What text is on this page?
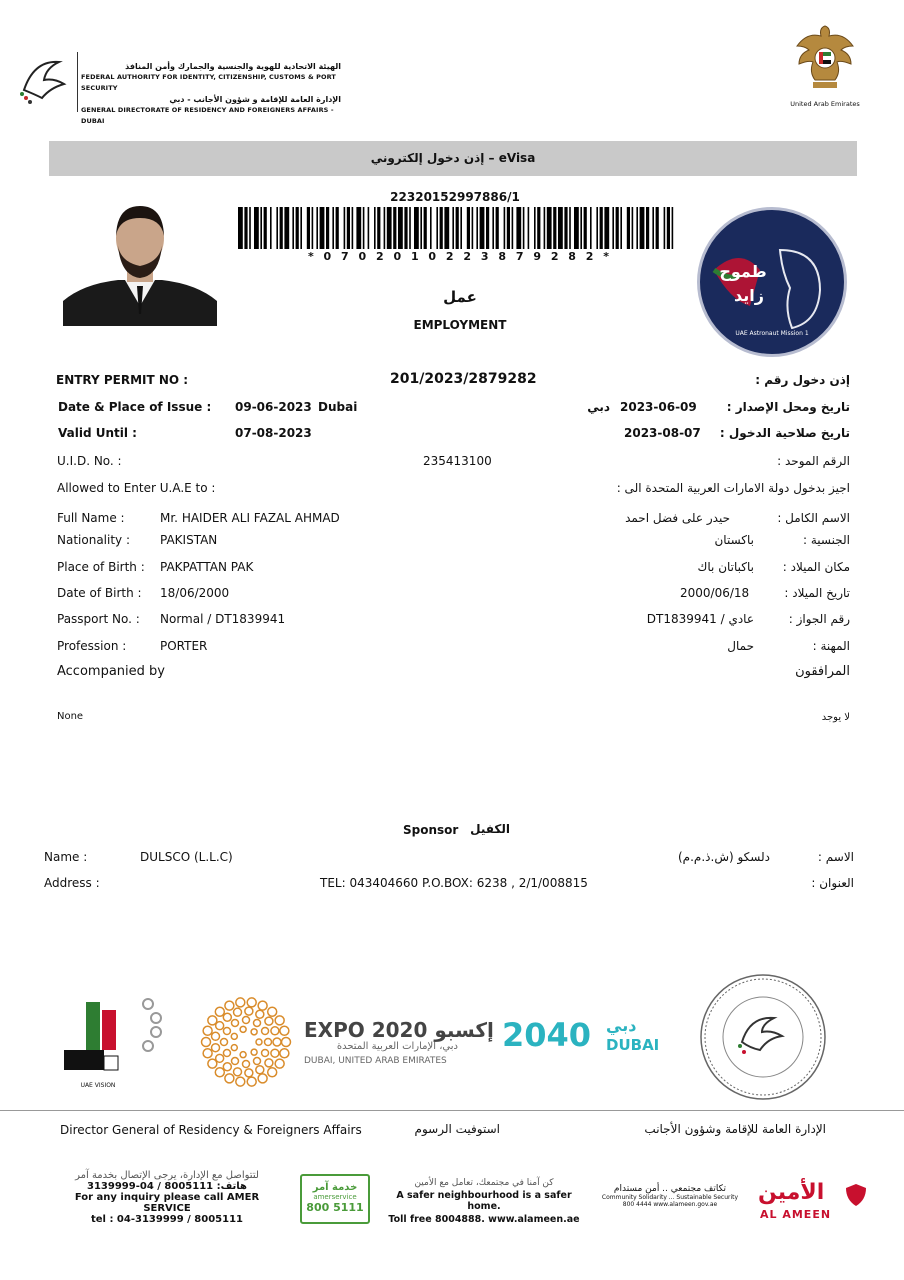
الهيئة الاتحادية للهوية والجنسية والجمارك وأمن المنافذ
FEDERAL AUTHORITY FOR IDENTITY, CITIZENSHIP, CUSTOMS & PORT SECURITY
الإدارة العامة للإقامة و شؤون الأجانب - دبي
GENERAL DIRECTORATE OF RESIDENCY AND FOREIGNERS AFFAIRS - DUBAI
United Arab Emirates
إذن دخول إلكتروني – eVisa
22320152997886/1
* 0 7 0 2 0 1 0 2 2 3 8 7 9 2 8 2 *
عمل
EMPLOYMENT
طموح
زايد
UAE Astronaut Mission 1
ENTRY PERMIT NO :	201/2023/2879282	إذن دخول رقم :
Date & Place of Issue : 09-06-2023 Dubai	دبي 2023-06-09	تاريخ ومحل الإصدار :
Valid Until :	07-08-2023	2023-08-07	تاريخ صلاحية الدخول :
U.I.D. No. :	235413100	الرقم الموحد :
Allowed to Enter U.A.E to :	اجيز بدخول دولة الامارات العربية المتحدة الى :
Full Name :	Mr. HAIDER ALI FAZAL AHMAD	حيدر على فضل احمد	الاسم الكامل :
Nationality : PAKISTAN	باكستان	الجنسية :
Place of Birth : PAKPATTAN PAK	باكباتان باك	مكان الميلاد :
Date of Birth : 18/06/2000	2000/06/18	تاريخ الميلاد :
Passport No. : Normal / DT1839941	عادي / DT1839941	رقم الجواز :
Profession :	PORTER	حمال	المهنة :
Accompanied by	المرافقون
None	لا يوجد
Sponsor الكفيل
Name :	DULSCO (L.L.C)	دلسكو (ش.ذ.م.م)	الاسم :
Address :	TEL: 043404660 P.O.BOX: 6238 , 2/1/008815	العنوان :
UAE VISION
EXPO 2020 إكسبو
دبي، الإمارات العربية المتحدة
DUBAI, UNITED ARAB EMIRATES
2040 دبي
DUBAI
Director General of Residency & Foreigners Affairs	استوفيت الرسوم	الإدارة العامة للإقامة وشؤون الأجانب
لتتواصل مع الإدارة، يرجى الإتصال بخدمة آمر
هاتف: 8005111 / 04-3139999
For any inquiry please call AMER SERVICE
tel : 04-3139999 / 8005111
خدمة آمر
amerservice
800 5111
كن آمنا في مجتمعك، تعامل مع الأمين
A safer neighbourhood is a safer home.
Toll free 8004888. www.alameen.ae
تكاتف مجتمعي .. أمن مستدام
Community Solidarity ... Sustainable Security
800 4444 www.alameen.gov.ae	الأمين
AL AMEEN
